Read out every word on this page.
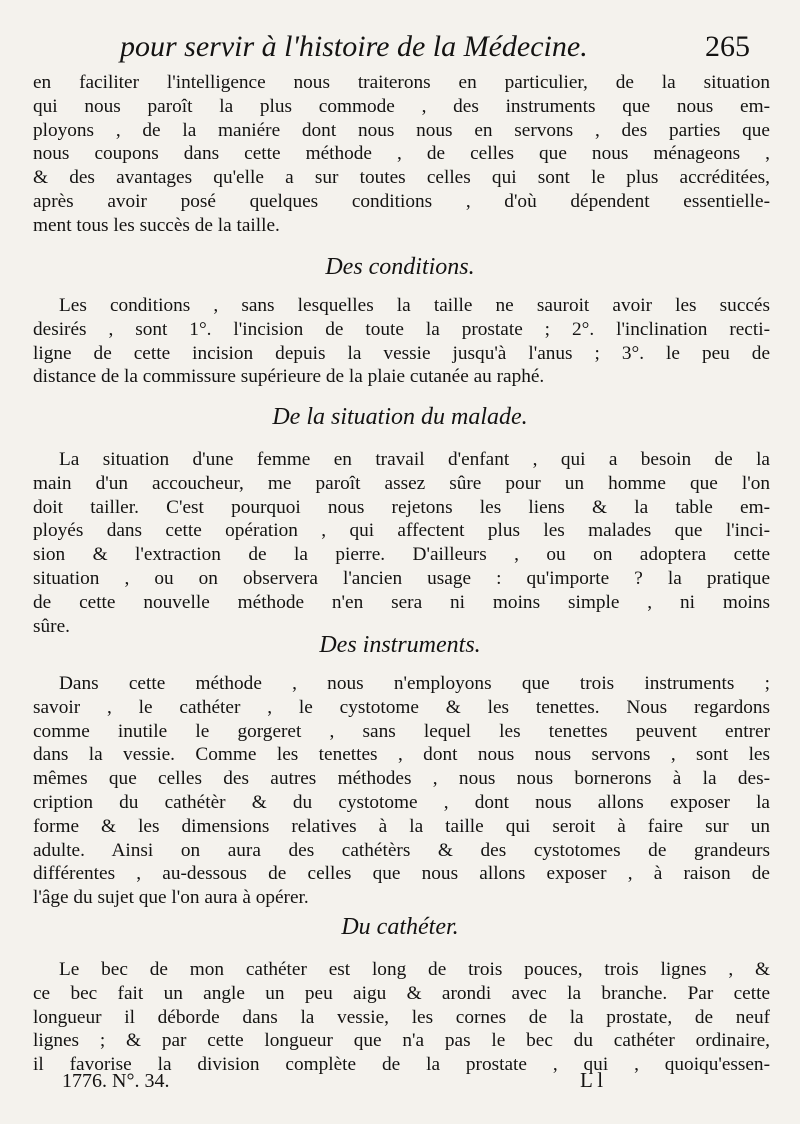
pour servir à l'histoire de la Médecine.	265
en faciliter l'intelligence nous traiterons en particulier, de la situation
qui nous paroît la plus commode , des instruments que nous em-
ployons , de la maniére dont nous nous en servons , des parties que
nous coupons dans cette méthode , de celles que nous ménageons ,
& des avantages qu'elle a sur toutes celles qui sont le plus accréditées,
après avoir posé quelques conditions , d'où dépendent essentielle-
ment tous les succès de la taille.
Des conditions.
Les conditions , sans lesquelles la taille ne sauroit avoir les succés
desirés , sont 1°. l'incision de toute la prostate ; 2°. l'inclination recti-
ligne de cette incision depuis la vessie jusqu'à l'anus ; 3°. le peu de
distance de la commissure supérieure de la plaie cutanée au raphé.
De la situation du malade.
La situation d'une femme en travail d'enfant , qui a besoin de la
main d'un accoucheur, me paroît assez sûre pour un homme que l'on
doit tailler. C'est pourquoi nous rejetons les liens & la table em-
ployés dans cette opération , qui affectent plus les malades que l'inci-
sion & l'extraction de la pierre. D'ailleurs , ou on adoptera cette
situation , ou on observera l'ancien usage : qu'importe ? la pratique
de cette nouvelle méthode n'en sera ni moins simple , ni moins
sûre.
Des instruments.
Dans cette méthode , nous n'employons que trois instruments ;
savoir , le cathéter , le cystotome & les tenettes. Nous regardons
comme inutile le gorgeret , sans lequel les tenettes peuvent entrer
dans la vessie. Comme les tenettes , dont nous nous servons , sont les
mêmes que celles des autres méthodes , nous nous bornerons à la des-
cription du cathétèr & du cystotome , dont nous allons exposer la
forme & les dimensions relatives à la taille qui seroit à faire sur un
adulte. Ainsi on aura des cathétèrs & des cystotomes de grandeurs
différentes , au-dessous de celles que nous allons exposer , à raison de
l'âge du sujet que l'on aura à opérer.
Du cathéter.
Le bec de mon cathéter est long de trois pouces, trois lignes , &
ce bec fait un angle un peu aigu & arondi avec la branche. Par cette
longueur il déborde dans la vessie, les cornes de la prostate, de neuf
lignes ; & par cette longueur que n'a pas le bec du cathéter ordinaire,
il favorise la division complète de la prostate , qui , quoiqu'essen-
1776. N°. 34.	L l
